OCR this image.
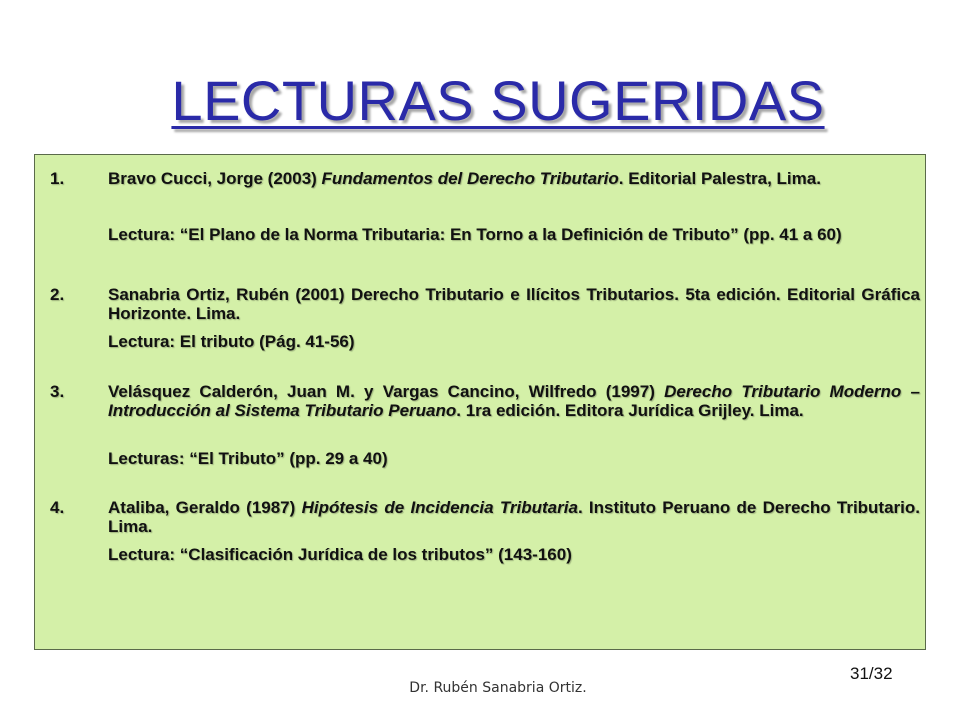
LECTURAS SUGERIDAS
1.	Bravo Cucci, Jorge (2003) Fundamentos del Derecho Tributario. Editorial Palestra, Lima.
Lectura: “El Plano de la Norma Tributaria: En Torno a la Definición de Tributo” (pp. 41 a 60)
2.	Sanabria Ortiz, Rubén (2001) Derecho Tributario e Ilícitos Tributarios. 5ta edición. Editorial Gráfica Horizonte. Lima.
Lectura: El tributo (Pág. 41-56)
3.	Velásquez Calderón, Juan M. y Vargas Cancino, Wilfredo (1997) Derecho Tributario Moderno – Introducción al Sistema Tributario Peruano. 1ra edición. Editora Jurídica Grijley. Lima.
Lecturas: “El Tributo” (pp. 29 a 40)
4.	Ataliba, Geraldo (1987) Hipótesis de Incidencia Tributaria. Instituto Peruano de Derecho Tributario. Lima.
Lectura: “Clasificación Jurídica de los tributos” (143-160)
31/32
Dr. Rubén Sanabria Ortiz.
